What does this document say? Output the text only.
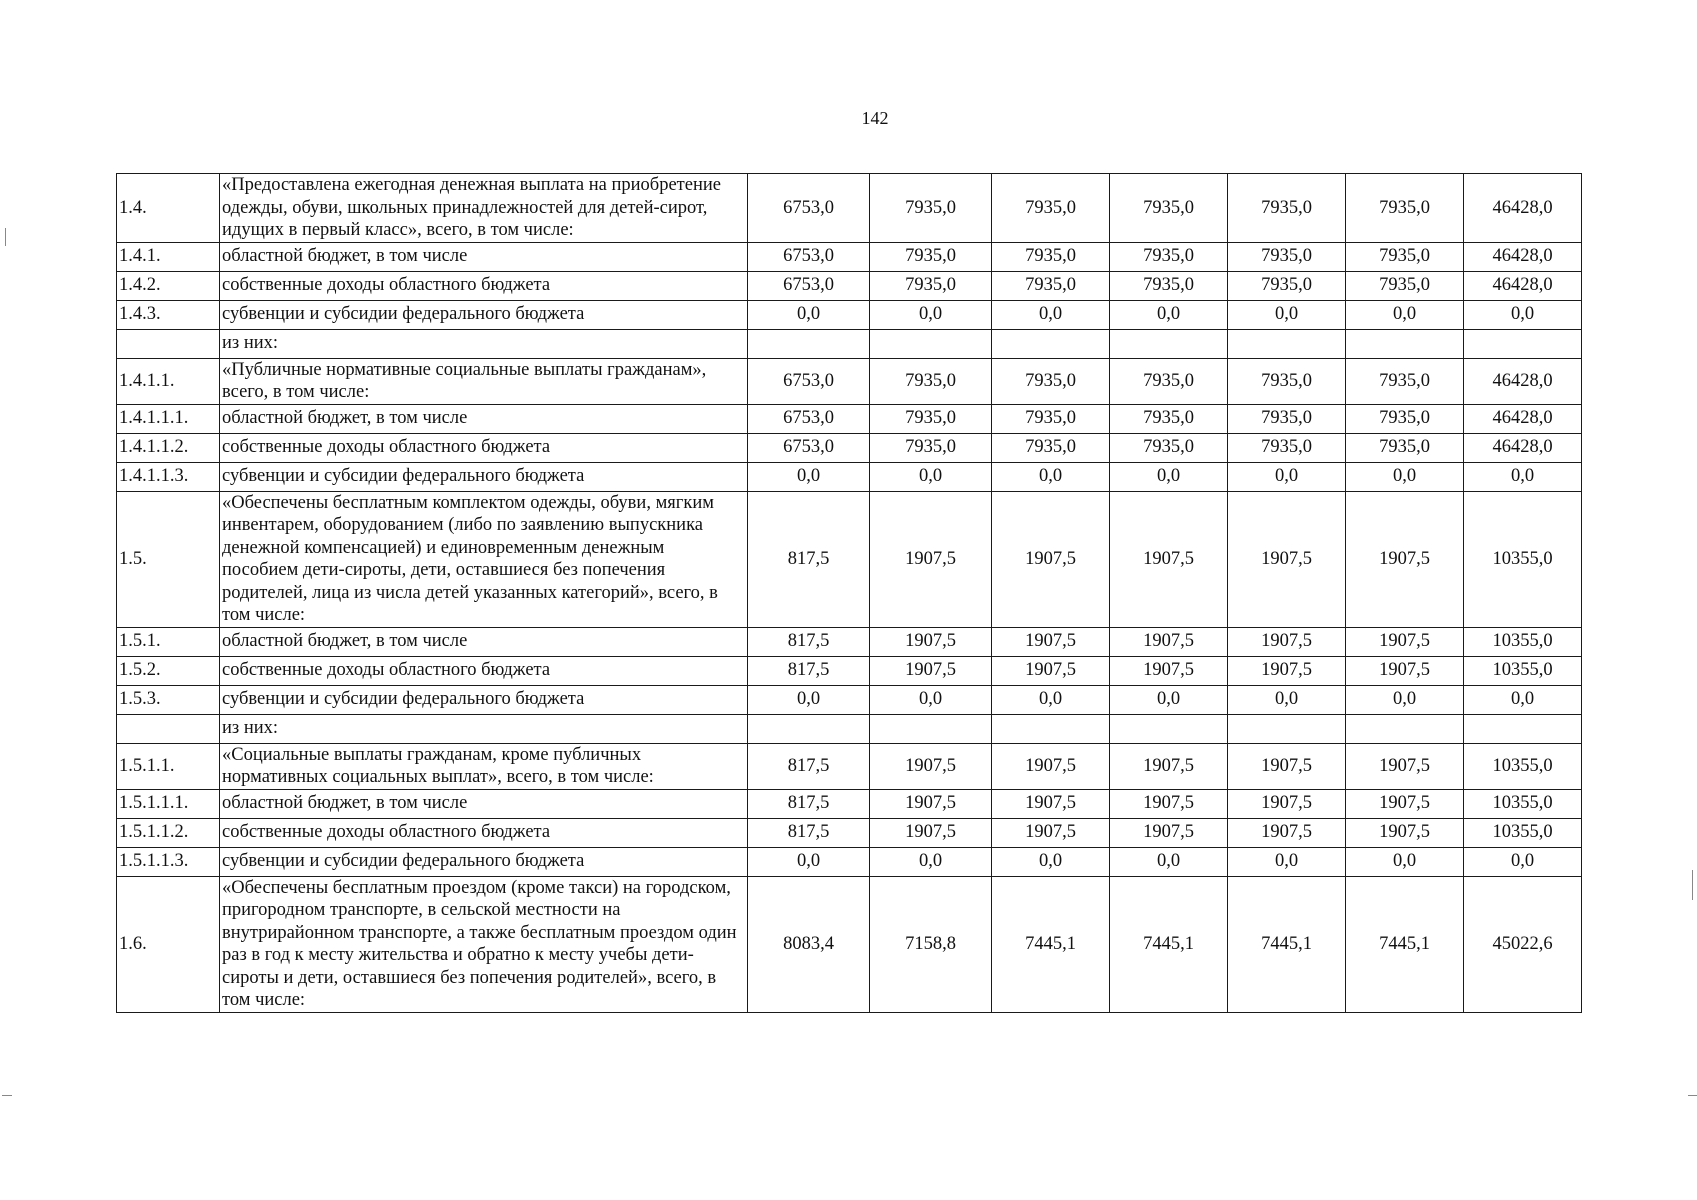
142
1.4.	«Предоставлена ежегодная денежная выплата на приобретение одежды, обуви, школьных принадлежностей для детей-сирот, идущих в первый класс», всего, в том числе:	6753,0	7935,0	7935,0	7935,0	7935,0	7935,0	46428,0
1.4.1.	областной бюджет, в том числе	6753,0	7935,0	7935,0	7935,0	7935,0	7935,0	46428,0
1.4.2.	собственные доходы областного бюджета	6753,0	7935,0	7935,0	7935,0	7935,0	7935,0	46428,0
1.4.3.	субвенции и субсидии федерального бюджета	0,0	0,0	0,0	0,0	0,0	0,0	0,0
	из них:							
1.4.1.1.	«Публичные нормативные социальные выплаты гражданам», всего, в том числе:	6753,0	7935,0	7935,0	7935,0	7935,0	7935,0	46428,0
1.4.1.1.1.	областной бюджет, в том числе	6753,0	7935,0	7935,0	7935,0	7935,0	7935,0	46428,0
1.4.1.1.2.	собственные доходы областного бюджета	6753,0	7935,0	7935,0	7935,0	7935,0	7935,0	46428,0
1.4.1.1.3.	субвенции и субсидии федерального бюджета	0,0	0,0	0,0	0,0	0,0	0,0	0,0
1.5.	«Обеспечены бесплатным комплектом одежды, обуви, мягким инвентарем, оборудованием (либо по заявлению выпускника денежной компенсацией) и единовременным денежным пособием дети-сироты, дети, оставшиеся без попечения родителей, лица из числа детей указанных категорий», всего, в том числе:	817,5	1907,5	1907,5	1907,5	1907,5	1907,5	10355,0
1.5.1.	областной бюджет, в том числе	817,5	1907,5	1907,5	1907,5	1907,5	1907,5	10355,0
1.5.2.	собственные доходы областного бюджета	817,5	1907,5	1907,5	1907,5	1907,5	1907,5	10355,0
1.5.3.	субвенции и субсидии федерального бюджета	0,0	0,0	0,0	0,0	0,0	0,0	0,0
	из них:							
1.5.1.1.	«Социальные выплаты гражданам, кроме публичных нормативных социальных выплат», всего, в том числе:	817,5	1907,5	1907,5	1907,5	1907,5	1907,5	10355,0
1.5.1.1.1.	областной бюджет, в том числе	817,5	1907,5	1907,5	1907,5	1907,5	1907,5	10355,0
1.5.1.1.2.	собственные доходы областного бюджета	817,5	1907,5	1907,5	1907,5	1907,5	1907,5	10355,0
1.5.1.1.3.	субвенции и субсидии федерального бюджета	0,0	0,0	0,0	0,0	0,0	0,0	0,0
1.6.	«Обеспечены бесплатным проездом (кроме такси) на городском, пригородном транспорте, в сельской местности на внутрирайонном транспорте, а также бесплатным проездом один раз в год к месту жительства и обратно к месту учебы дети-сироты и дети, оставшиеся без попечения родителей», всего, в том числе:	8083,4	7158,8	7445,1	7445,1	7445,1	7445,1	45022,6
